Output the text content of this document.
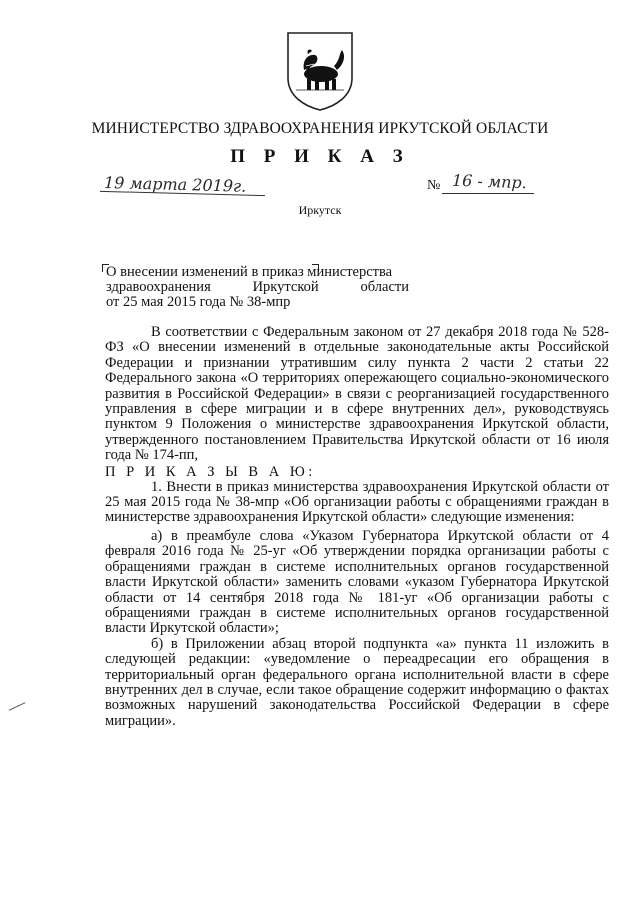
МИНИСТЕРСТВО ЗДРАВООХРАНЕНИЯ ИРКУТСКОЙ ОБЛАСТИ
П Р И К А З
19 марта 2019г.	№ 16 - мпр.
Иркутск
О внесении изменений в приказ министерства
здравоохранения Иркутской области
от 25 мая 2015 года № 38-мпр

В соответствии с Федеральным законом от 27 декабря 2018 года № 528-ФЗ «О внесении изменений в отдельные законодательные акты Российской Федерации и признании утратившим силу пункта 2 части 2 статьи 22 Федерального закона «О территориях опережающего социально-экономического развития в Российской Федерации» в связи с реорганизацией государственного управления в сфере миграции и в сфере внутренних дел», руководствуясь пунктом 9 Положения о министерстве здравоохранения Иркутской области, утвержденного постановлением Правительства Иркутской области от 16 июля года № 174-пп,

П Р И К А З Ы В А Ю:

1. Внести в приказ министерства здравоохранения Иркутской области от 25 мая 2015 года № 38-мпр «Об организации работы с обращениями граждан в министерстве здравоохранения Иркутской области» следующие изменения:

а) в преамбуле слова «Указом Губернатора Иркутской области от 4 февраля 2016 года № 25-уг «Об утверждении порядка организации работы с обращениями граждан в системе исполнительных органов государственной власти Иркутской области» заменить словами «указом Губернатора Иркутской области от 14 сентября 2018 года № 181-уг «Об организации работы с обращениями граждан в системе исполнительных органов государственной власти Иркутской области»;

б) в Приложении абзац второй подпункта «а» пункта 11 изложить в следующей редакции: «уведомление о переадресации его обращения в территориальный орган федерального органа исполнительной власти в сфере внутренних дел в случае, если такое обращение содержит информацию о фактах возможных нарушений законодательства Российской Федерации в сфере миграции».
